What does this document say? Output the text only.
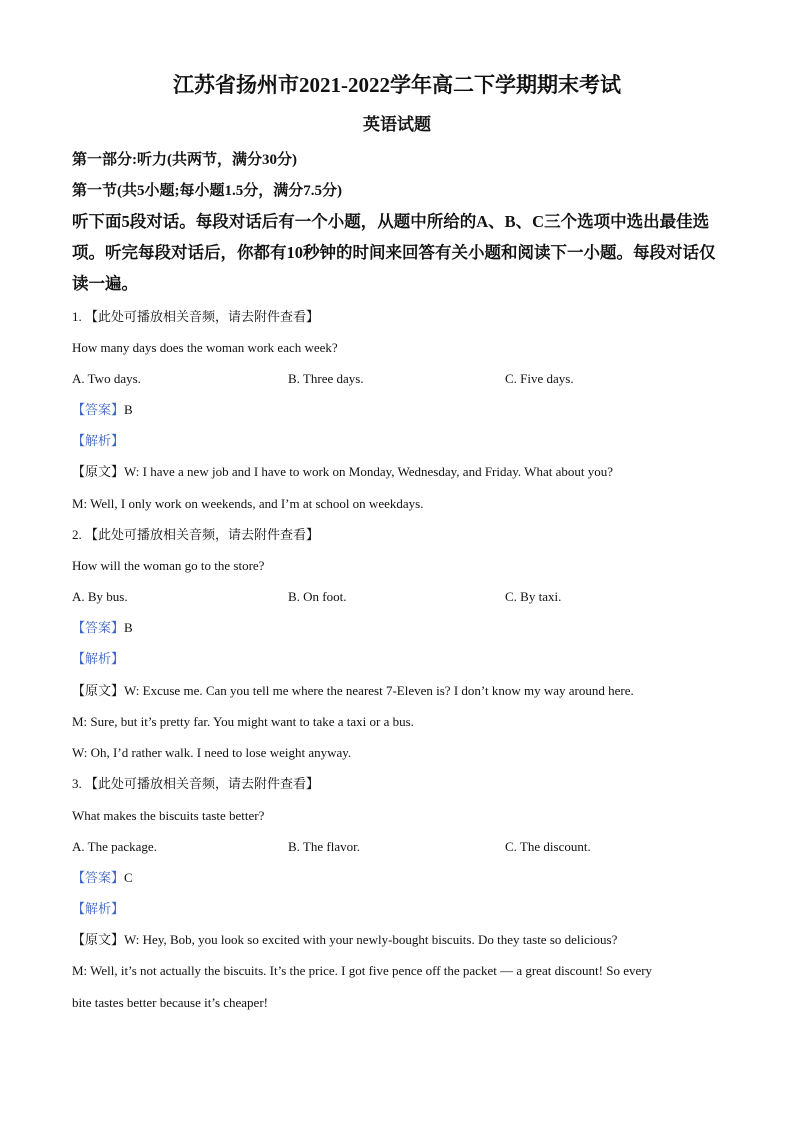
江苏省扬州市2021-2022学年高二下学期期末考试
英语试题
第一部分:听力(共两节，满分30分)
第一节(共5小题;每小题1.5分，满分7.5分)
听下面5段对话。每段对话后有一个小题，从题中所给的A、B、C三个选项中选出最佳选
项。听完每段对话后，你都有10秒钟的时间来回答有关小题和阅读下一小题。每段对话仅
读一遍。
1. 【此处可播放相关音频，请去附件查看】
How many days does the woman work each week?
A. Two days.	B. Three days.	C. Five days.
【答案】B
【解析】
【原文】W: I have a new job and I have to work on Monday, Wednesday, and Friday. What about you?
M: Well, I only work on weekends, and I’m at school on weekdays.
2. 【此处可播放相关音频，请去附件查看】
How will the woman go to the store?
A. By bus.	B. On foot.	C. By taxi.
【答案】B
【解析】
【原文】W: Excuse me. Can you tell me where the nearest 7-Eleven is? I don’t know my way around here.
M: Sure, but it’s pretty far. You might want to take a taxi or a bus.
W: Oh, I’d rather walk. I need to lose weight anyway.
3. 【此处可播放相关音频，请去附件查看】
What makes the biscuits taste better?
A. The package.	B. The flavor.	C. The discount.
【答案】C
【解析】
【原文】W: Hey, Bob, you look so excited with your newly-bought biscuits. Do they taste so delicious?
M: Well, it’s not actually the biscuits. It’s the price. I got five pence off the packet — a great discount! So every
bite tastes better because it’s cheaper!
